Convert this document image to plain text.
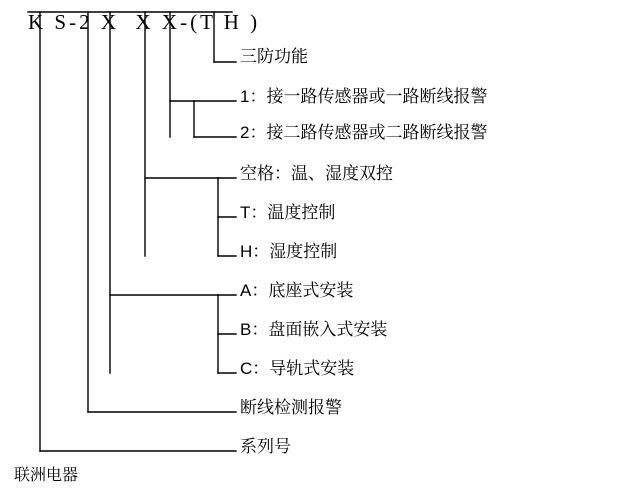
K S-2 X  X X-(T H )
三防功能
1：接一路传感器或一路断线报警
2：接二路传感器或二路断线报警
空格：温、湿度双控
T：温度控制
H：湿度控制
A：底座式安装
B：盘面嵌入式安装
C：导轨式安装
断线检测报警
系列号
联洲电器
